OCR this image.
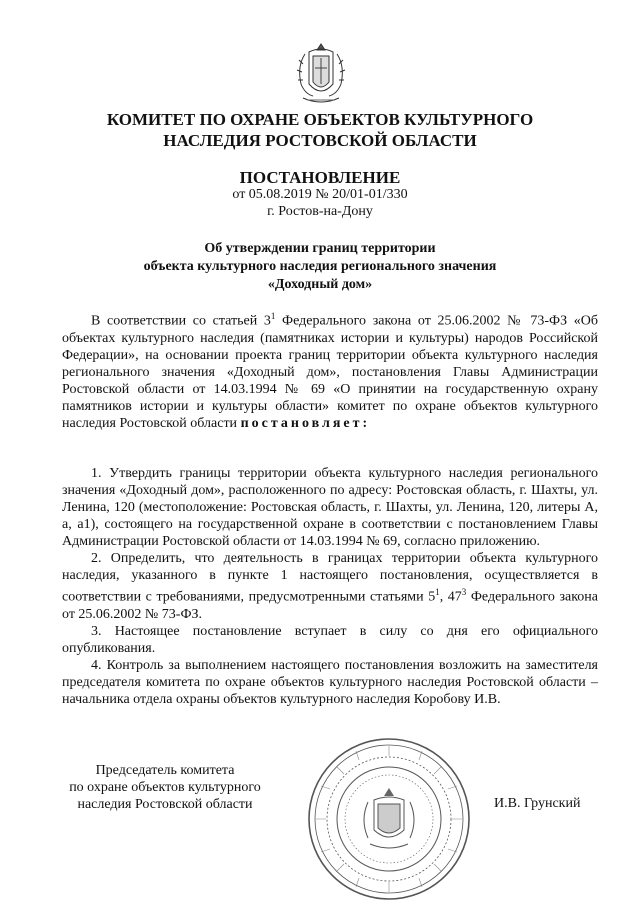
КОМИТЕТ ПО ОХРАНЕ ОБЪЕКТОВ КУЛЬТУРНОГО
НАСЛЕДИЯ РОСТОВСКОЙ ОБЛАСТИ
ПОСТАНОВЛЕНИЕ
от 05.08.2019 № 20/01-01/330
г. Ростов-на-Дону
Об утверждении границ территории
объекта культурного наследия регионального значения
«Доходный дом»
В соответствии со статьей $3^1$ Федерального закона от 25.06.2002 № 73-ФЗ «Об объектах культурного наследия (памятниках истории и культуры) народов Российской Федерации», на основании проекта границ территории объекта культурного наследия регионального значения «Доходный дом», постановления Главы Администрации Ростовской области от 14.03.1994 № 69 «О принятии на государственную охрану памятников истории и культуры области» комитет по охране объектов культурного наследия Ростовской области постановляет:

1. Утвердить границы территории объекта культурного наследия регионального значения «Доходный дом», расположенного по адресу: Ростовская область, г. Шахты, ул. Ленина, 120 (местоположение: Ростовская область, г. Шахты, ул. Ленина, 120, литеры А, а, а1), состоящего на государственной охране в соответствии с постановлением Главы Администрации Ростовской области от 14.03.1994 № 69, согласно приложению.

2. Определить, что деятельность в границах территории объекта культурного наследия, указанного в пункте 1 настоящего постановления, осуществляется в соответствии с требованиями, предусмотренными статьями $5^1$, $47^3$ Федерального закона от 25.06.2002 № 73-ФЗ.

3. Настоящее постановление вступает в силу со дня его официального опубликования.

4. Контроль за выполнением настоящего постановления возложить на заместителя председателя комитета по охране объектов культурного наследия Ростовской области – начальника отдела охраны объектов культурного наследия Коробову И.В.

Председатель комитета
по охране объектов культурного
наследия Ростовской области	И.В. Грунский
